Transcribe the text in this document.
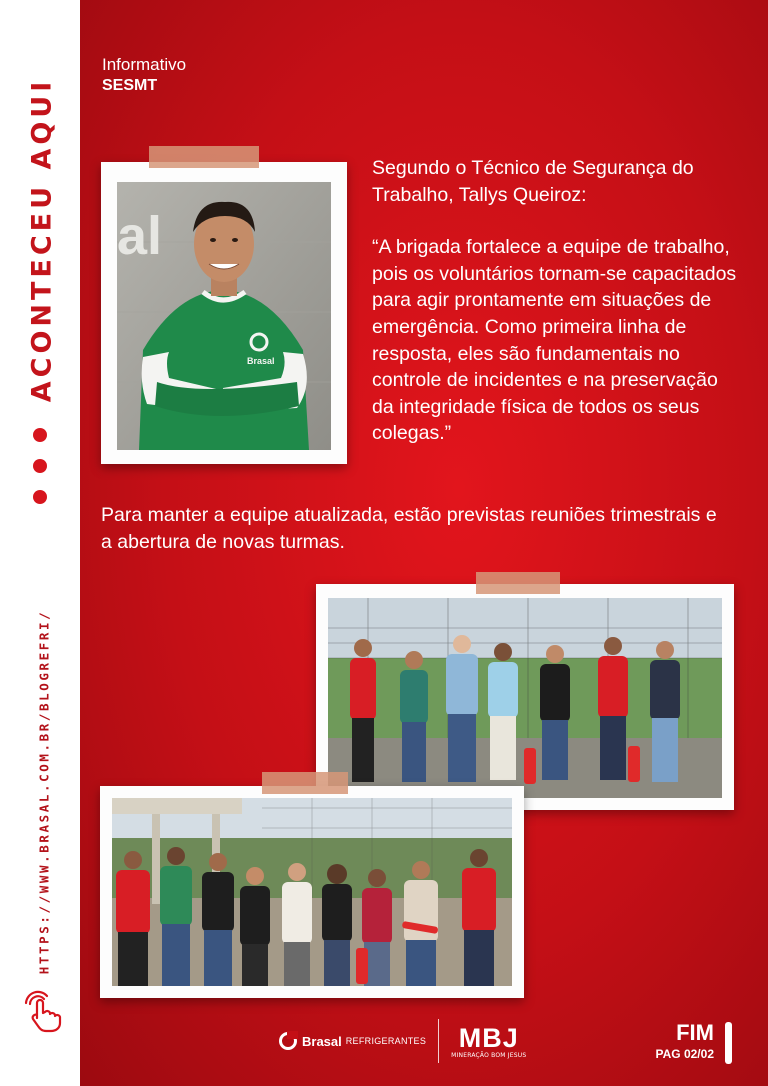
ACONTECEU AQUI
HTTPS://WWW.BRASAL.COM.BR/BLOGREFRI/
Informativo
SESMT
al
Brasal

Segundo o Técnico de Segurança do Trabalho, Tallys Queiroz:

“A brigada fortalece a equipe de trabalho, pois os voluntários tornam-se capacitados para agir prontamente em situações de emergência. Como primeira linha de resposta, eles são fundamentais no controle de incidentes e na preservação da integridade física de todos os seus colegas.”

Para manter a equipe atualizada, estão previstas reuniões trimestrais e a abertura de novas turmas.
Brasal REFRIGERANTES MBJ
MINERAÇÃO BOM JESUS
FIM
PAG 02/02
